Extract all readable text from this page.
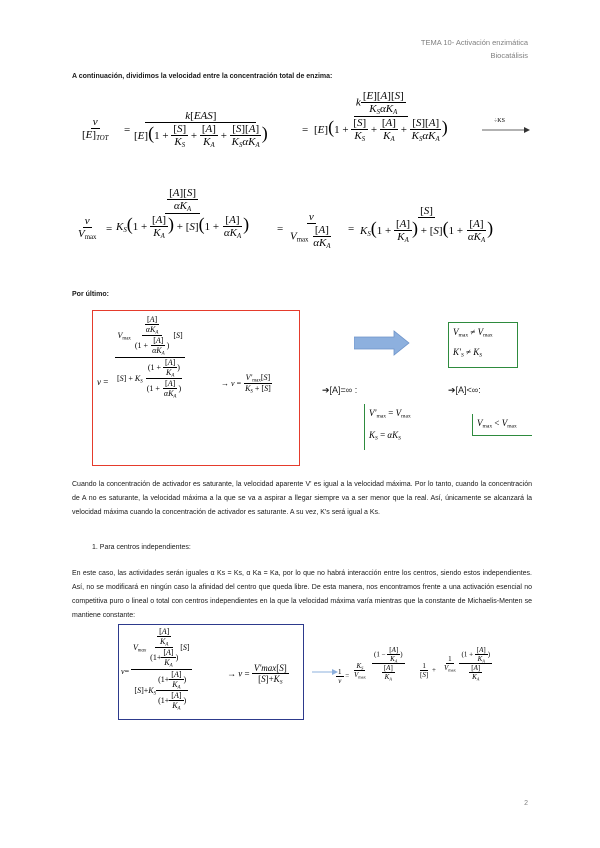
TEMA 10- Activación enzimática
Biocatálisis
A continuación, dividimos la velocidad entre la concentración total de enzima:
$\frac{v}{[E]_{TOT}} = \frac{\text{k[EAS]}}{[E](1 + \frac{[S]}{K_S} + \frac{[A]}{K_A} + \frac{[S][A]}{K_S\alpha K_A} )}$	= $\frac{k \frac{[E][A][S]}{K_S\alpha K_A}}{[E](1 + \frac{[S]}{K_S} + \frac{[A]}{K_A} + \frac{[S][A]}{K_S\alpha K_A} )}$	÷KS
$\frac{v}{V_{max}} = \frac{\frac{[A][S]}{\alpha K_A}}{K_S(1 + \frac{[A]}{K_A} ) + [S](1 + \frac{[A]}{\alpha K_A} )} = \frac{v}{V_{max} \frac{[A]}{\alpha K_A}} = \frac{[S]}{K_S(1 + \frac{[A]}{K_A} ) + [S](1 + \frac{[A]}{\alpha K_A} )}$
Por último:
$v = \frac{V_{max} \frac{\frac{[A]}{\alpha K_A}}{(1 + \frac{[A]}{\alpha K_A} )} [S]}{[S] + K_S \frac{(1 + \frac{[A]}{K_A} )}{(1 + \frac{[A]}{\alpha K_A} )}}$	→ $v = \frac{V'_{max}[S]}{K_S + [S]}$
$V_{max} \ne V_{max}$
$K'_S \ne K_S$
➔[A]=∞ :
$V'_{max} = V_{max}$
$K_S = \alpha K_S$
➔[A]<∞:
$V_{max} < V_{max}$
Cuando la concentración de activador es saturante, la velocidad aparente V' es igual a la velocidad máxima. Por lo tanto, cuando la concentración de A no es saturante, la velocidad máxima a la que se va a aspirar a llegar siempre va a ser menor que la real. Así, únicamente se alcanzará la velocidad máxima cuando la concentración de activador es saturante. A su vez, K's será igual a Ks.
1. Para centros independientes:
En este caso, las actividades serán iguales α Ks = Ks, α Ka = Ka, por lo que no habrá interacción entre los centros, siendo estos independientes. Así, no se modificará en ningún caso la afinidad del centro que queda libre. De esta manera, nos encontramos frente a una activación esencial no competitiva puro o lineal o total con centros independientes en la que la velocidad máxima varía mientras que la constante de Michaelis-Menten se mantiene constante:
$v= \frac{V_{max} \frac{\frac{[A]}{K_A}}{(1+ \frac{[A]}{K_A} )} [S]}{[S]+K_S \frac{(1+ \frac{[A]}{K_A} )}{(1+ \frac{[A]}{K_A} )}}$	→ $v = \frac{V'\max[S]}{[S]+K_S}$	$\frac{1}{v} = \frac{K_S}{V_{max}} \frac{(1 - \frac{[A]}{K_A} )}{\frac{[A]}{K_A}} \frac{1}{[S]} + \frac{1}{V_{max}}$
$\frac{(1 + \frac{[A]}{K_A} )}{\frac{[A]}{K_A}}$
2
